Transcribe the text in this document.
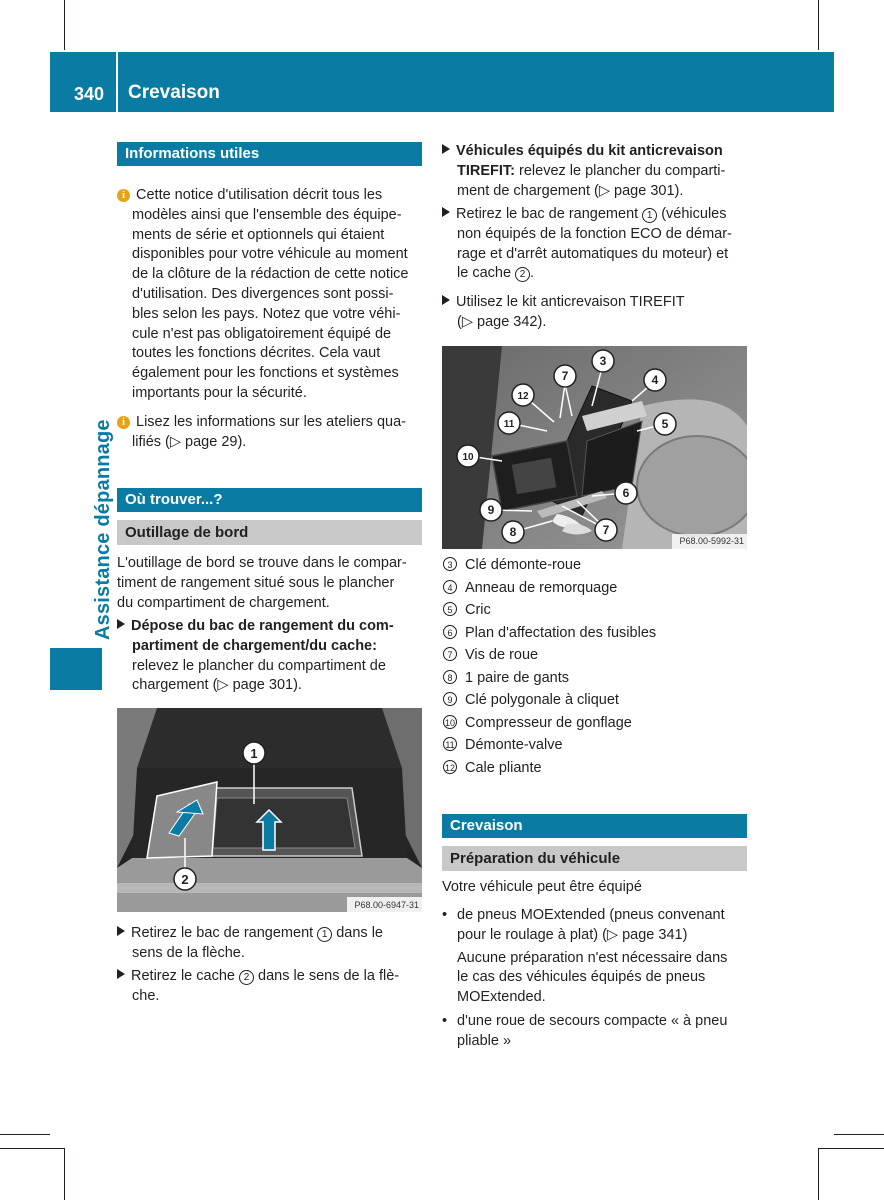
340 Crevaison
Assistance dépannage
Informations utiles
i Cette notice d'utilisation décrit tous les
modèles ainsi que l'ensemble des équipe-
ments de série et optionnels qui étaient
disponibles pour votre véhicule au moment
de la clôture de la rédaction de cette notice
d'utilisation. Des divergences sont possi-
bles selon les pays. Notez que votre véhi-
cule n'est pas obligatoirement équipé de
toutes les fonctions décrites. Cela vaut
également pour les fonctions et systèmes
importants pour la sécurité.
i Lisez les informations sur les ateliers qua-
lifiés (▷ page 29).
Où trouver...?
Outillage de bord
L'outillage de bord se trouve dans le compar-
timent de rangement situé sous le plancher
du compartiment de chargement.
Dépose du bac de rangement du com-
partiment de chargement/du cache:
relevez le plancher du compartiment de
chargement (▷ page 301).
1
2
P68.00-6947-31
Retirez le bac de rangement 1 dans le
sens de la flèche.
Retirez le cache 2 dans le sens de la flè-
che.
Véhicules équipés du kit anticrevaison
TIREFIT: relevez le plancher du comparti-
ment de chargement (▷ page 301).
Retirez le bac de rangement 1 (véhicules
non équipés de la fonction ECO de démar-
rage et d'arrêt automatiques du moteur) et
le cache 2 .
Utilisez le kit anticrevaison TIREFIT
(▷ page 342).
3
4
5
6
7
7
8
9
10
11
12
P68.00-5992-31
3 Clé démonte-roue
4 Anneau de remorquage
5 Cric
6 Plan d'affectation des fusibles
7 Vis de roue
8 1 paire de gants
9 Clé polygonale à cliquet
10 Compresseur de gonflage
11 Démonte-valve
12 Cale pliante
Crevaison
Préparation du véhicule
Votre véhicule peut être équipé
• de pneus MOExtended (pneus convenant
pour le roulage à plat) (▷ page 341)
Aucune préparation n'est nécessaire dans
le cas des véhicules équipés de pneus
MOExtended.
• d'une roue de secours compacte « à pneu
pliable »
